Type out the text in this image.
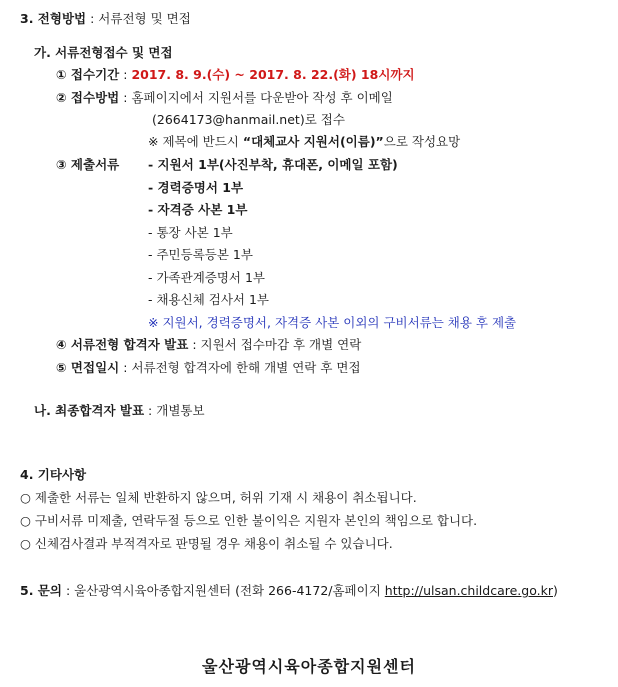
3. 전형방법 : 서류전형 및 면접
가. 서류전형접수 및 면접
① 접수기간 : 2017. 8. 9.(수) ~ 2017. 8. 22.(화) 18시까지
② 접수방법 : 홈페이지에서 지원서를 다운받아 작성 후 이메일
(2664173@hanmail.net)로 접수
※ 제목에 반드시 “대체교사 지원서(이름)”으로 작성요망
③ 제출서류 - 지원서 1부(사진부착, 휴대폰, 이메일 포함)
- 경력증명서 1부
- 자격증 사본 1부
- 통장 사본 1부
- 주민등록등본 1부
- 가족관계증명서 1부
- 채용신체 검사서 1부
※ 지원서, 경력증명서, 자격증 사본 이외의 구비서류는 채용 후 제출
④ 서류전형 합격자 발표 : 지원서 접수마감 후 개별 연락
⑤ 면접일시 : 서류전형 합격자에 한해 개별 연락 후 면접
나. 최종합격자 발표 : 개별통보
4. 기타사항
○ 제출한 서류는 일체 반환하지 않으며, 허위 기재 시 채용이 취소됩니다.
○ 구비서류 미제출, 연락두절 등으로 인한 불이익은 지원자 본인의 책임으로 합니다.
○ 신체검사결과 부적격자로 판명될 경우 채용이 취소될 수 있습니다.
5. 문의 : 울산광역시육아종합지원센터 (전화 266-4172/홈페이지 http://ulsan.childcare.go.kr)
울산광역시육아종합지원센터
